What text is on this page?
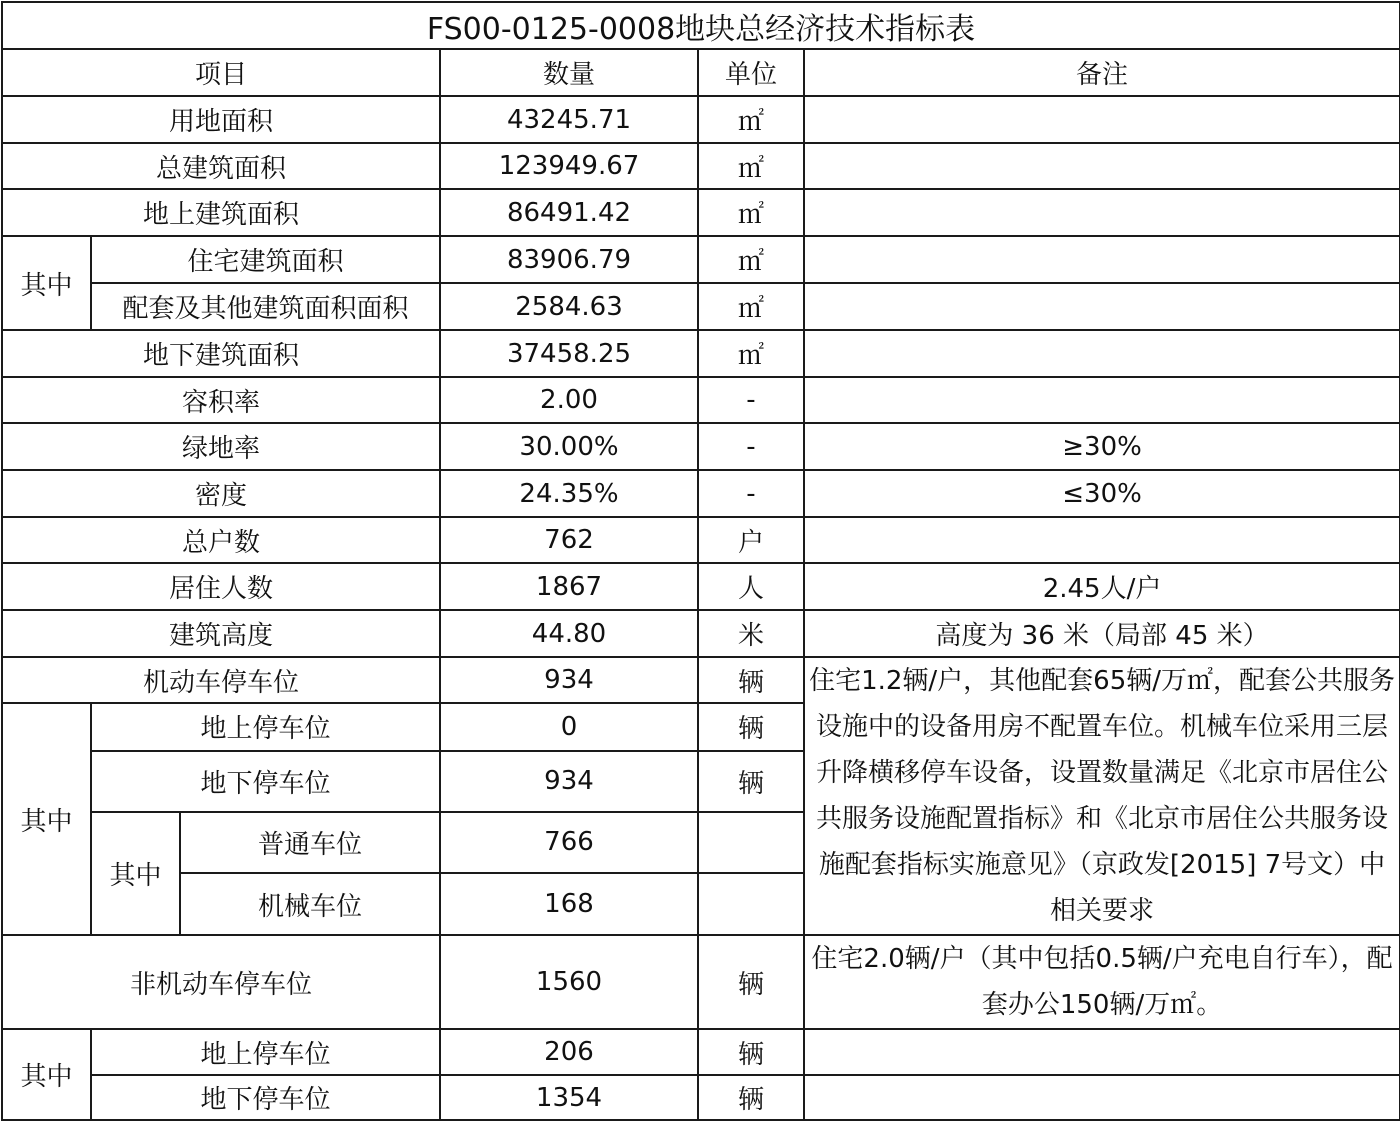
FS00-0125-0008地块总经济技术指标表					
项目			数量	单位	备注
用地面积			43245.71	㎡	
总建筑面积			123949.67	㎡	
地上建筑面积			86491.42	㎡	
其中	住宅建筑面积		83906.79	㎡	
	配套及其他建筑面积面积		2584.63	㎡	
地下建筑面积			37458.25	㎡	
容积率			2.00	-	
绿地率			30.00%	-	≥30%
密度			24.35%	-	≤30%
总户数			762	户	
居住人数			1867	人	2.45人/户
建筑高度			44.80	米	高度为 36 米（局部 45 米）
机动车停车位			934	辆	住宅1.2辆/户，其他配套65辆/万㎡，配套公共服务设施中的设备用房不配置车位。机械车位采用三层升降横移停车设备，设置数量满足《北京市居住公共服务设施配置指标》和《北京市居住公共服务设施配套指标实施意见》（京政发[2015] 7号文）中相关要求
其中	地上停车位		0	辆	
	地下停车位		934	辆	
	其中	普通车位	766		
		机械车位	168		
非机动车停车位			1560	辆	住宅2.0辆/户（其中包括0.5辆/户充电自行车），配套办公150辆/万㎡。
其中	地上停车位		206	辆	
	地下停车位		1354	辆	
